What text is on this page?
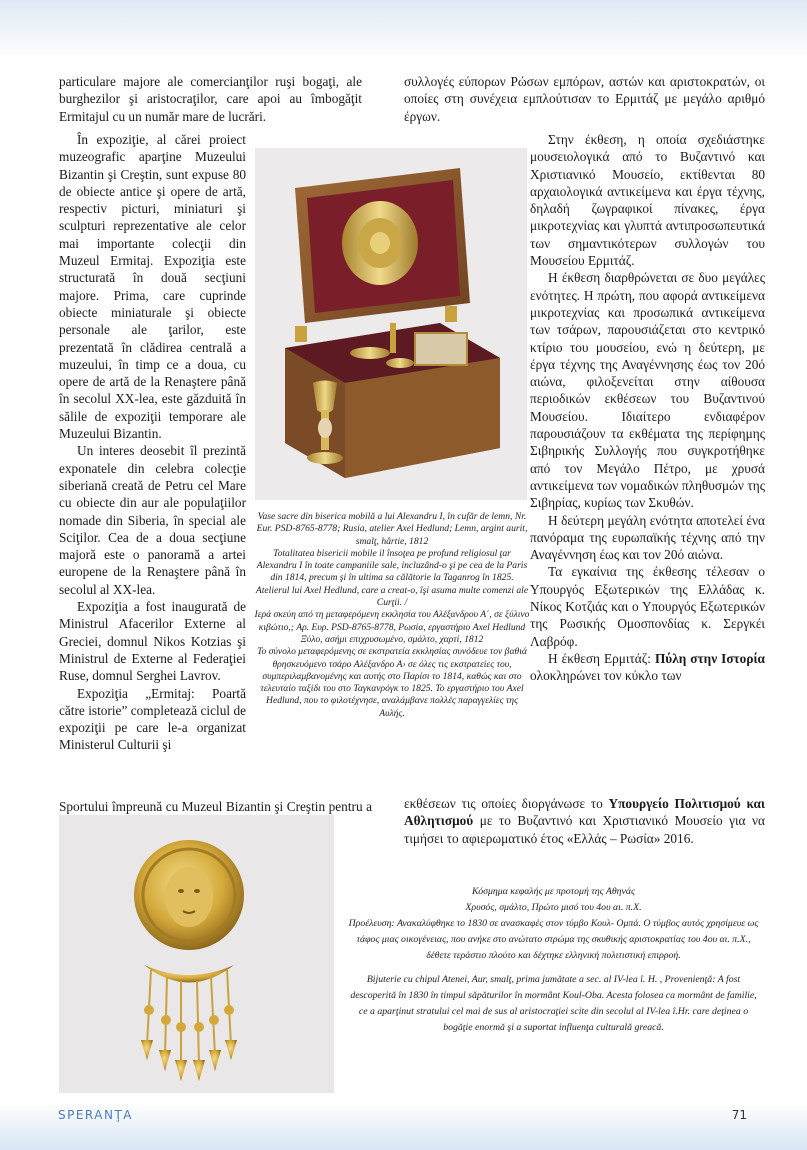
particulare majore ale comercianţilor ruşi bogaţi, ale burghezilor şi aristocraţilor, care apoi au îmbogăţit Ermitajul cu un număr mare de lucrări.

În expoziţie, al cărei proiect muzeografic aparţine Muzeului Bizantin şi Creştin, sunt expuse 80 de obiecte antice şi opere de artă, respectiv picturi, miniaturi şi sculpturi reprezentative ale celor mai importante colecţii din Muzeul Ermitaj. Expoziţia este structurată în două secţiuni majore. Prima, care cuprinde obiecte miniaturale şi obiecte personale ale ţarilor, este prezentată în clădirea centrală a muzeului, în timp ce a doua, cu opere de artă de la Renaştere până în secolul XX-lea, este găzduită în sălile de expoziţii temporare ale Muzeului Bizantin.

Un interes deosebit îl prezintă exponatele din celebra colecţie siberiană creată de Petru cel Mare cu obiecte din aur ale populaţiilor nomade din Siberia, în special ale Sciţilor. Cea de a doua secţiune majoră este o panoramă a artei europene de la Renaştere până în secolul al XX-lea.

Expoziţia a fost inaugurată de Ministrul Afacerilor Externe al Greciei, domnul Nikos Kotzias şi Ministrul de Externe al Federaţiei Ruse, domnul Serghei Lavrov.

Expoziţia „Ermitaj: Poartă către istorie” completează ciclul de expoziţii pe care le-a organizat Ministerul Culturii şi

Sportului împreună cu Muzeul Bizantin şi Creştin pentru a

συλλογές εύπορων Ρώσων εμπόρων, αστών και αριστοκρατών, οι οποίες στη συνέχεια εμπλούτισαν το Ερμιτάζ με μεγάλο αριθμό έργων.

Στην έκθεση, η οποία σχεδιάστηκε μουσειολογικά από το Βυζαντινό και Χριστιανικό Μουσείο, εκτίθενται 80 αρχαιολογικά αντικείμενα και έργα τέχνης, δηλαδή ζωγραφικοί πίνακες, έργα μικροτεχνίας και γλυπτά αντιπροσωπευτικά των σημαντικότερων συλλογών του Μουσείου Ερμιτάζ.

Η έκθεση διαρθρώνεται σε δυο μεγάλες ενότητες. Η πρώτη, που αφορά αντικείμενα μικροτεχνίας και προσωπικά αντικείμενα των τσάρων, παρουσιάζεται στο κεντρικό κτίριο του μουσείου, ενώ η δεύτερη, με έργα τέχνης της Αναγέννησης έως τον 20ό αιώνα, φιλοξενείται στην αίθουσα περιοδικών εκθέσεων του Βυζαντινού Μουσείου. Ιδιαίτερο ενδιαφέρον παρουσιάζουν τα εκθέματα της περίφημης Σιβηρικής Συλλογής που συγκροτήθηκε από τον Μεγάλο Πέτρο, με χρυσά αντικείμενα των νομαδικών πληθυσμών της Σιβηρίας, κυρίως των Σκυθών.

Η δεύτερη μεγάλη ενότητα αποτελεί ένα πανόραμα της ευρωπαϊκής τέχνης από την Αναγέννηση έως και τον 20ό αιώνα.

Τα εγκαίνια της έκθεσης τέλεσαν ο Υπουργός Εξωτερικών της Ελλάδας κ. Νίκος Κοτζιάς και ο Υπουργός Εξωτερικών της Ρωσικής Ομοσπονδίας κ. Σεργκέι Λαβρόφ.

Η έκθεση Ερμιτάζ: Πύλη στην Ιστορία ολοκληρώνει τον κύκλο των

εκθέσεων τις οποίες διοργάνωσε το Υπουργείο Πολιτισμού και Αθλητισμού με το Βυζαντινό και Χριστιανικό Μουσείο για να τιμήσει το αφιερωματικό έτος «Ελλάς – Ρωσία» 2016.

Vase sacre din biserica mobilă a lui Alexandru I, în cufăr de lemn, Nr. Eur. PSD-8765-8778; Rusia, atelier Axel Hedlund; Lemn, argint aurit, smalţ, hârtie, 1812

Totalitatea bisericii mobile il însoţea pe profund religiosul ţar Alexandru I în toate campaniile sale, incluzând-o şi pe cea de la Paris din 1814, precum şi în ultima sa călătorie la Taganrog în 1825. Atelierul lui Axel Hedlund, care a creat-o, îşi asuma multe comenzi ale Curţii. /

Ιερά σκεύη από τη μεταφερόμενη εκκλησία του Αλέξανδρου Α΄, σε ξύλινο κιβώτιο,; Αρ. Ευρ. PSD-8765-8778, Ρωσία, εργαστήριο Axel Hedlund

Ξύλο, ασήμι επιχρυσωμένο, σμάλτο, χαρτί, 1812

Το σύνολο μεταφερόμενης σε εκστρατεία εκκλησίας συνόδευε τον βαθιά θρησκευόμενο τσάρο Αλέξανδρο Α› σε όλες τις εκστρατείες του, συμπεριλαμβανομένης και αυτής στο Παρίσι το 1814, καθώς και στο τελευταίο ταξίδι του στο Ταγκανρόγκ το 1825. Το εργαστήριο του Axel Hedlund, που το φιλοτέχνησε, αναλάμβανε πολλές παραγγελίες της Αυλής.

Κόσμημα κεφαλής με προτομή της Αθηνάς

Χρυσός, σμάλτο, Πρώτο μισό του 4ου αι. π.Χ.

Προέλευση: Ανακαλύφθηκε το 1830 σε ανασκαφές στον τύμβο Κουλ- Ομπά. Ο τύμβος αυτός χρησίμευε ως τάφος μιας οικογένειας, που ανήκε στο ανώτατο στρώμα της σκυθικής αριστοκρατίας του 4ου αι. π.Χ., δέθετε τεράστιο πλούτο και δέχτηκε ελληνική πολιτιστική επιρροή.

Bijuterie cu chipul Atenei, Aur, smalţ, prima jumătate a sec. al IV-lea î. H. , Provenienţă: A fost descoperită în 1830 în timpul săpăturilor în mormânt Koul-Oba. Acesta folosea ca mormânt de familie, ce a aparţinut stratului cel mai de sus al aristocraţiei scite din secolul al IV-lea î.Hr. care deţinea o bogăţie enormă şi a suportat influenţa culturală greacă.

SPERANŢA	71
